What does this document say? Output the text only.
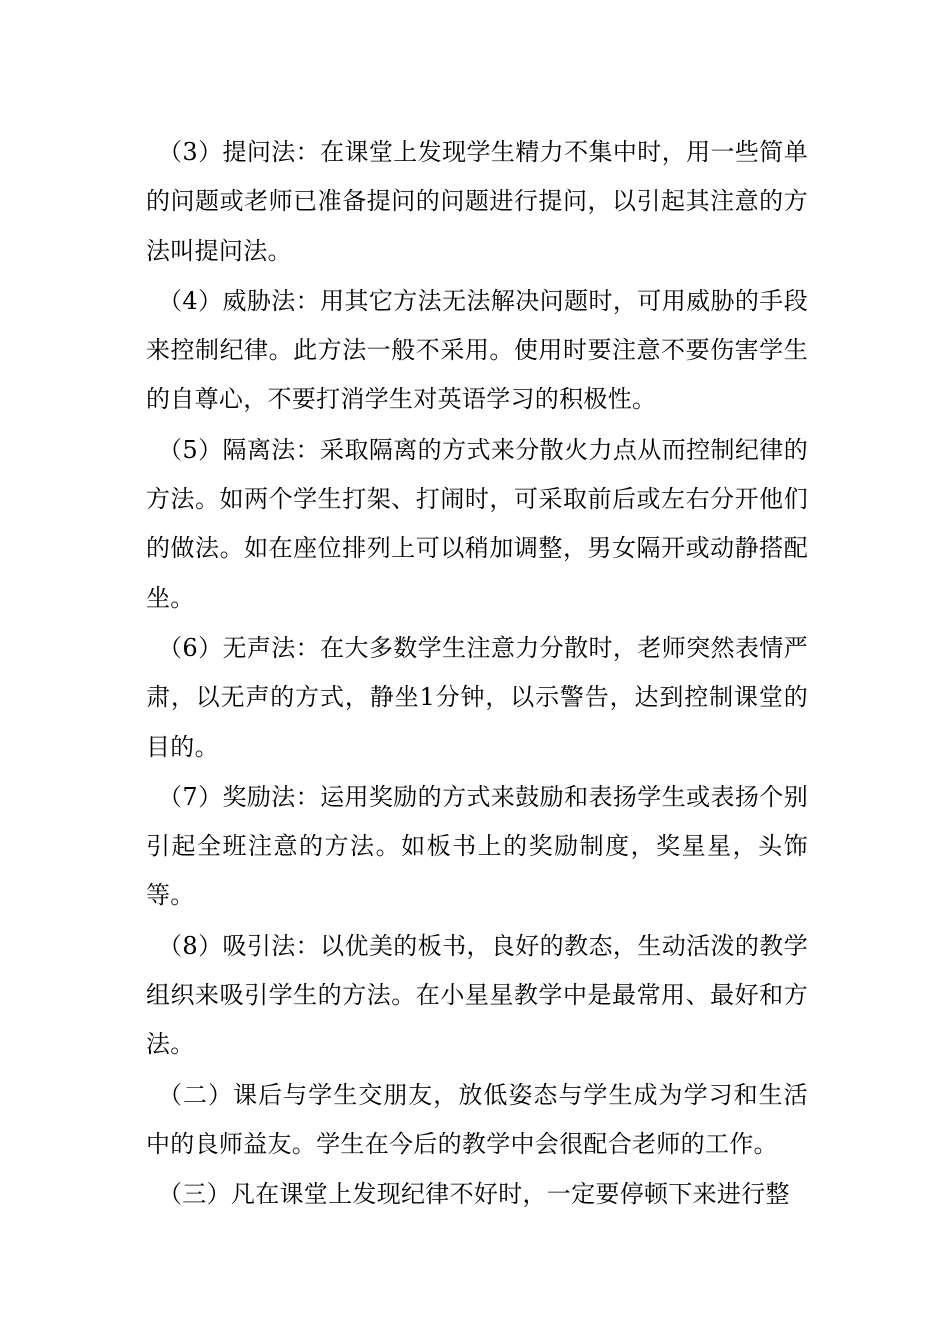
（3）提问法：在课堂上发现学生精力不集中时，用一些简单的问题或老师已准备提问的问题进行提问，以引起其注意的方法叫提问法。

（4）威胁法：用其它方法无法解决问题时，可用威胁的手段来控制纪律。此方法一般不采用。使用时要注意不要伤害学生的自尊心，不要打消学生对英语学习的积极性。

（5）隔离法：采取隔离的方式来分散火力点从而控制纪律的方法。如两个学生打架、打闹时，可采取前后或左右分开他们的做法。如在座位排列上可以稍加调整，男女隔开或动静搭配坐。

（6）无声法：在大多数学生注意力分散时，老师突然表情严肃，以无声的方式，静坐1分钟，以示警告，达到控制课堂的目的。

（7）奖励法：运用奖励的方式来鼓励和表扬学生或表扬个别引起全班注意的方法。如板书上的奖励制度，奖星星，头饰等。

（8）吸引法：以优美的板书，良好的教态，生动活泼的教学组织来吸引学生的方法。在小星星教学中是最常用、最好和方法。

（二）课后与学生交朋友，放低姿态与学生成为学习和生活中的良师益友。学生在今后的教学中会很配合老师的工作。

（三）凡在课堂上发现纪律不好时，一定要停顿下来进行整
